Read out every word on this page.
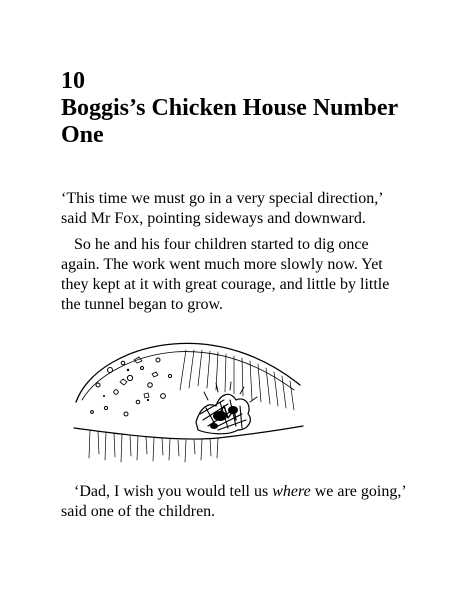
10
Boggis’s Chicken House Number One

‘This time we must go in a very special direction,’ said Mr Fox, pointing sideways and downward.

So he and his four children started to dig once again. The work went much more slowly now. Yet they kept at it with great courage, and little by little the tunnel began to grow.

‘Dad, I wish you would tell us where we are going,’ said one of the children.
